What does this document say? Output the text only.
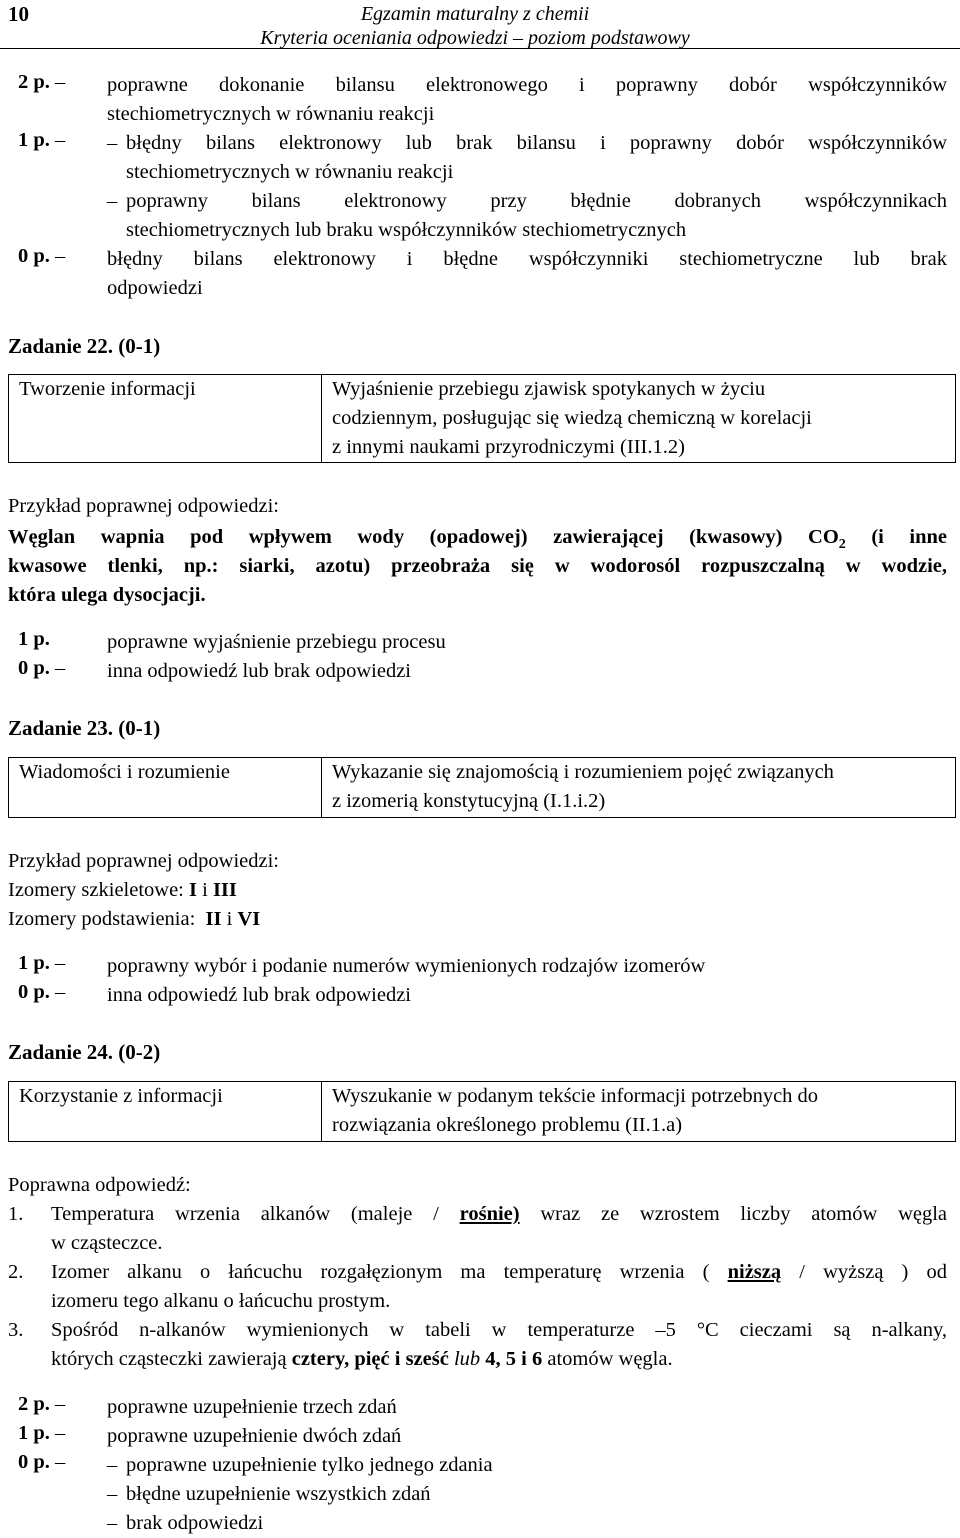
10	Egzamin maturalny z chemii
Kryteria oceniania odpowiedzi – poziom podstawowy
2 p. – poprawne dokonanie bilansu elektronowego i poprawny dobór współczynników
stechiometrycznych w równaniu reakcji
1 p. – – błędny bilans elektronowy lub brak bilansu i poprawny dobór współczynników
stechiometrycznych w równaniu reakcji
– poprawny bilans elektronowy przy błędnie dobranych współczynnikach
stechiometrycznych lub braku współczynników stechiometrycznych
0 p. – błędny bilans elektronowy i błędne współczynniki stechiometryczne lub brak
odpowiedzi
Zadanie 22. (0-1)
Tworzenie informacji	Wyjaśnienie przebiegu zjawisk spotykanych w życiu
codziennym, posługując się wiedzą chemiczną w korelacji
z innymi naukami przyrodniczymi (III.1.2)
Przykład poprawnej odpowiedzi:
Węglan wapnia pod wpływem wody (opadowej) zawierającej (kwasowy) $CO_2$ (i inne
kwasowe tlenki, np.: siarki, azotu) przeobraża się w wodorosól rozpuszczalną w wodzie,
która ulega dysocjacji.
1 p.	poprawne wyjaśnienie przebiegu procesu
0 p. – inna odpowiedź lub brak odpowiedzi
Zadanie 23. (0-1)
Wiadomości i rozumienie	Wykazanie się znajomością i rozumieniem pojęć związanych
z izomerią konstytucyjną (I.1.i.2)
Przykład poprawnej odpowiedzi:
Izomery szkieletowe: I i III
Izomery podstawienia: II i VI
1 p. – poprawny wybór i podanie numerów wymienionych rodzajów izomerów
0 p. – inna odpowiedź lub brak odpowiedzi
Zadanie 24. (0-2)
Korzystanie z informacji	Wyszukanie w podanym tekście informacji potrzebnych do
rozwiązania określonego problemu (II.1.a)
Poprawna odpowiedź:
1. Temperatura wrzenia alkanów (maleje / rośnie) wraz ze wzrostem liczby atomów węgla
w cząsteczce.
2. Izomer alkanu o łańcuchu rozgałęzionym ma temperaturę wrzenia ( niższą / wyższą ) od
izomeru tego alkanu o łańcuchu prostym.
3. Spośród n-alkanów wymienionych w tabeli w temperaturze –5 °C cieczami są n-alkany,
których cząsteczki zawierają cztery, pięć i sześć lub 4, 5 i 6 atomów węgla.
2 p. – poprawne uzupełnienie trzech zdań
1 p. – poprawne uzupełnienie dwóch zdań
0 p. – – poprawne uzupełnienie tylko jednego zdania
– błędne uzupełnienie wszystkich zdań
– brak odpowiedzi
